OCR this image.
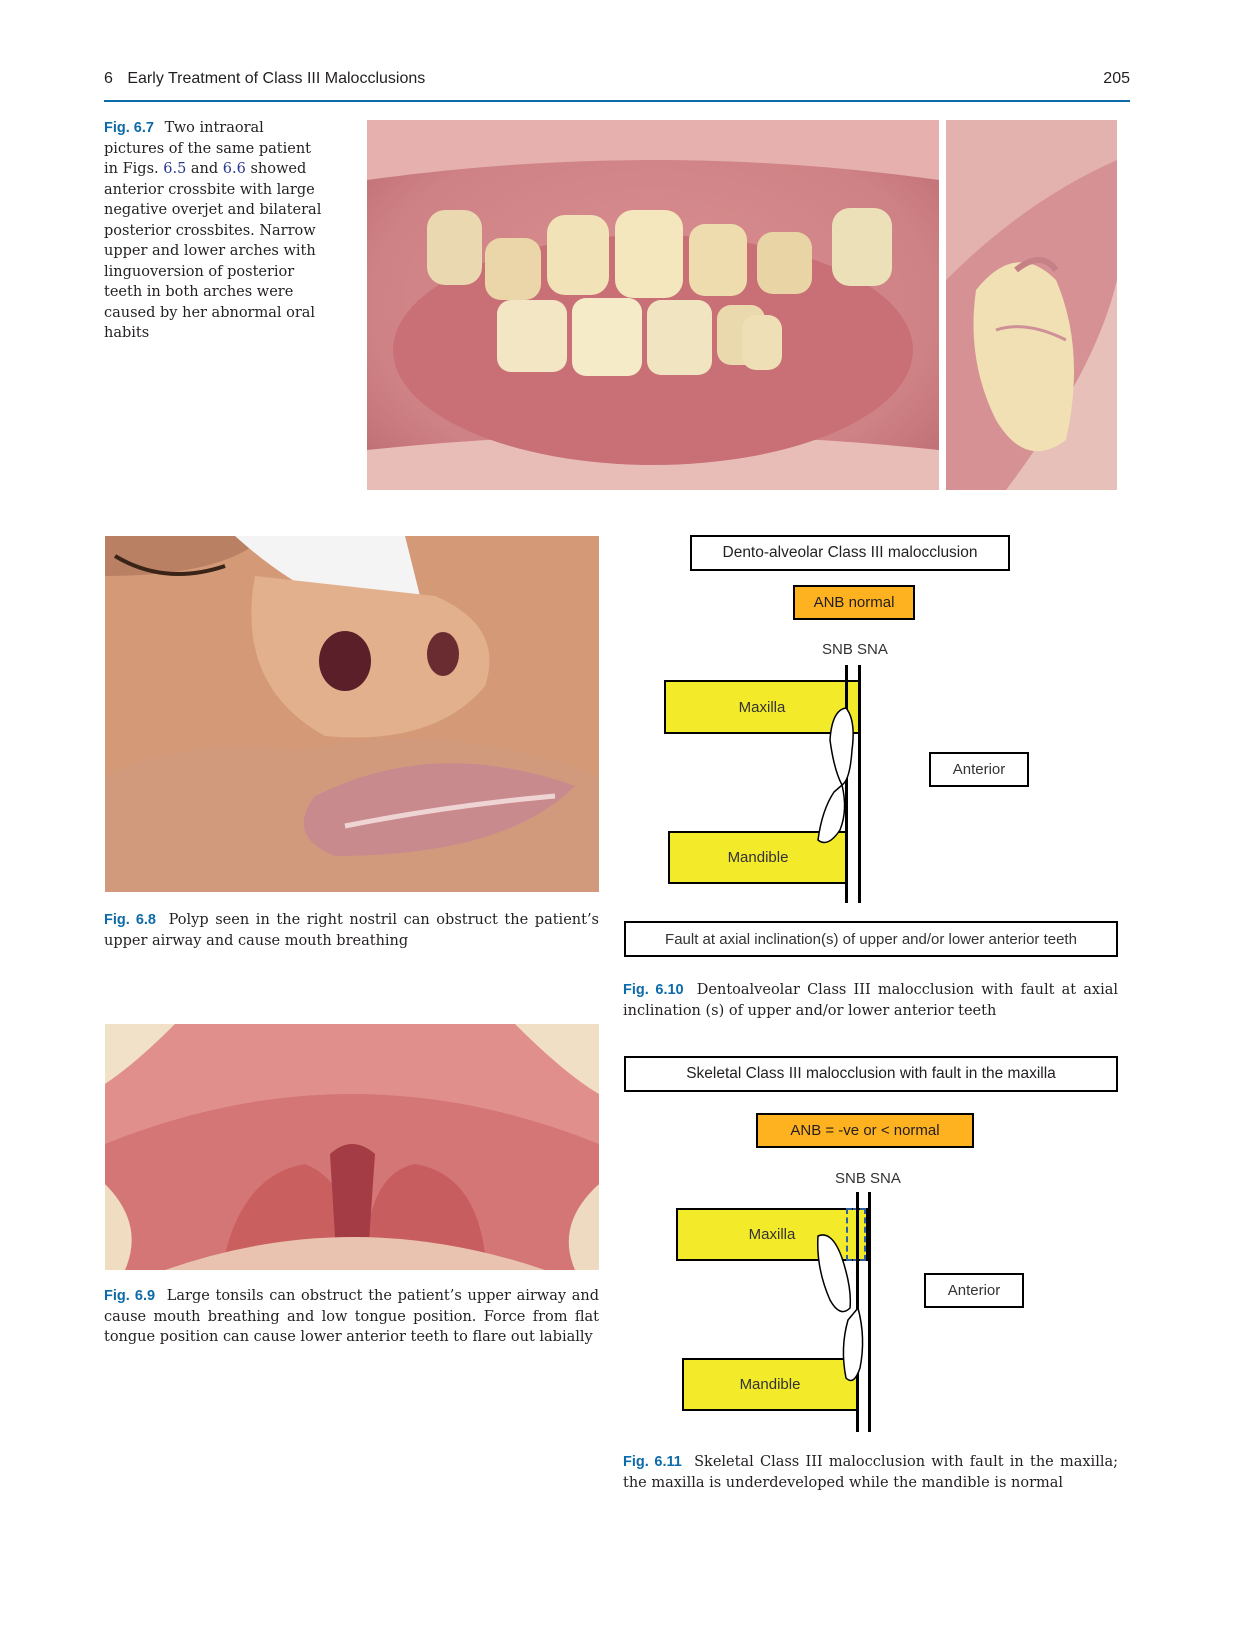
6 Early Treatment of Class III Malocclusions	205
Fig. 6.7 Two intraoral pictures of the same patient in Figs. 6.5 and 6.6 showed anterior crossbite with large negative overjet and bilateral posterior crossbites. Narrow upper and lower arches with linguoversion of posterior teeth in both arches were caused by her abnormal oral habits
Fig. 6.8 Polyp seen in the right nostril can obstruct the patient’s upper airway and cause mouth breathing
Fig. 6.9 Large tonsils can obstruct the patient’s upper airway and cause mouth breathing and low tongue position. Force from flat tongue position can cause lower anterior teeth to flare out labially
Dento-alveolar Class III malocclusion
ANB normal
SNB SNA
Maxilla
Mandible
Anterior
Fault at axial inclination(s) of upper and/or lower anterior teeth
Fig. 6.10 Dentoalveolar Class III malocclusion with fault at axial inclination (s) of upper and/or lower anterior teeth
Skeletal Class III malocclusion with fault in the maxilla
ANB = -ve or < normal
SNB SNA
Maxilla
Mandible
Anterior
Fig. 6.11 Skeletal Class III malocclusion with fault in the maxilla; the maxilla is underdeveloped while the mandible is normal
